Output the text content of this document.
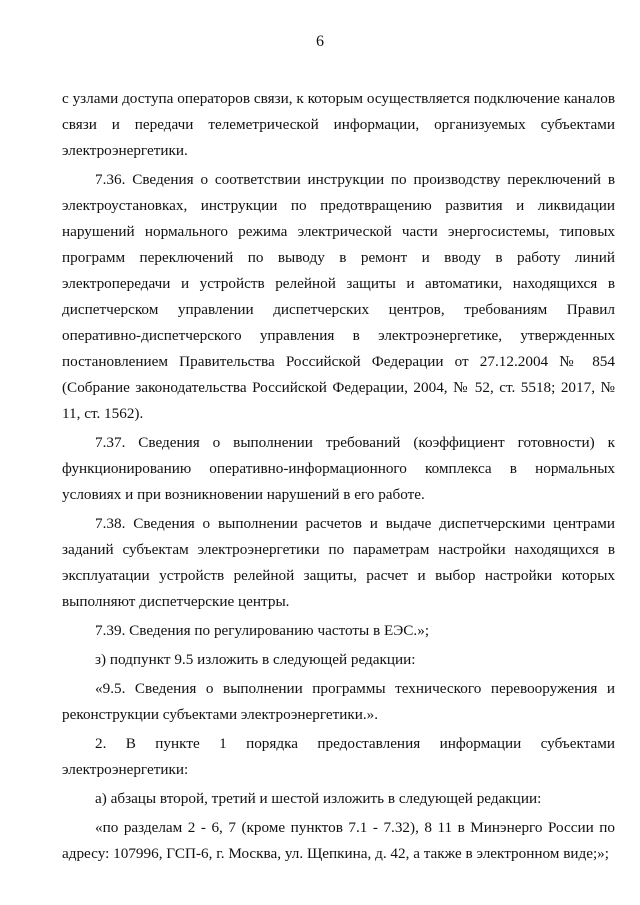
6

с узлами доступа операторов связи, к которым осуществляется подключение каналов связи и передачи телеметрической информации, организуемых субъектами электроэнергетики.

7.36. Сведения о соответствии инструкции по производству переключений в электроустановках, инструкции по предотвращению развития и ликвидации нарушений нормального режима электрической части энергосистемы, типовых программ переключений по выводу в ремонт и вводу в работу линий электропередачи и устройств релейной защиты и автоматики, находящихся в диспетчерском управлении диспетчерских центров, требованиям Правил оперативно-диспетчерского управления в электроэнергетике, утвержденных постановлением Правительства Российской Федерации от 27.12.2004 № 854 (Собрание законодательства Российской Федерации, 2004, № 52, ст. 5518; 2017, № 11, ст. 1562).

7.37. Сведения о выполнении требований (коэффициент готовности) к функционированию оперативно-информационного комплекса в нормальных условиях и при возникновении нарушений в его работе.

7.38. Сведения о выполнении расчетов и выдаче диспетчерскими центрами заданий субъектам электроэнергетики по параметрам настройки находящихся в эксплуатации устройств релейной защиты, расчет и выбор настройки которых выполняют диспетчерские центры.

7.39. Сведения по регулированию частоты в ЕЭС.»;

з) подпункт 9.5 изложить в следующей редакции:

«9.5. Сведения о выполнении программы технического перевооружения и реконструкции субъектами электроэнергетики.».

2. В пункте 1 порядка предоставления информации субъектами электроэнергетики:

а) абзацы второй, третий и шестой изложить в следующей редакции:

«по разделам 2 - 6, 7 (кроме пунктов 7.1 - 7.32), 8 11 в Минэнерго России по адресу: 107996, ГСП-6, г. Москва, ул. Щепкина, д. 42, а также в электронном виде;»;
